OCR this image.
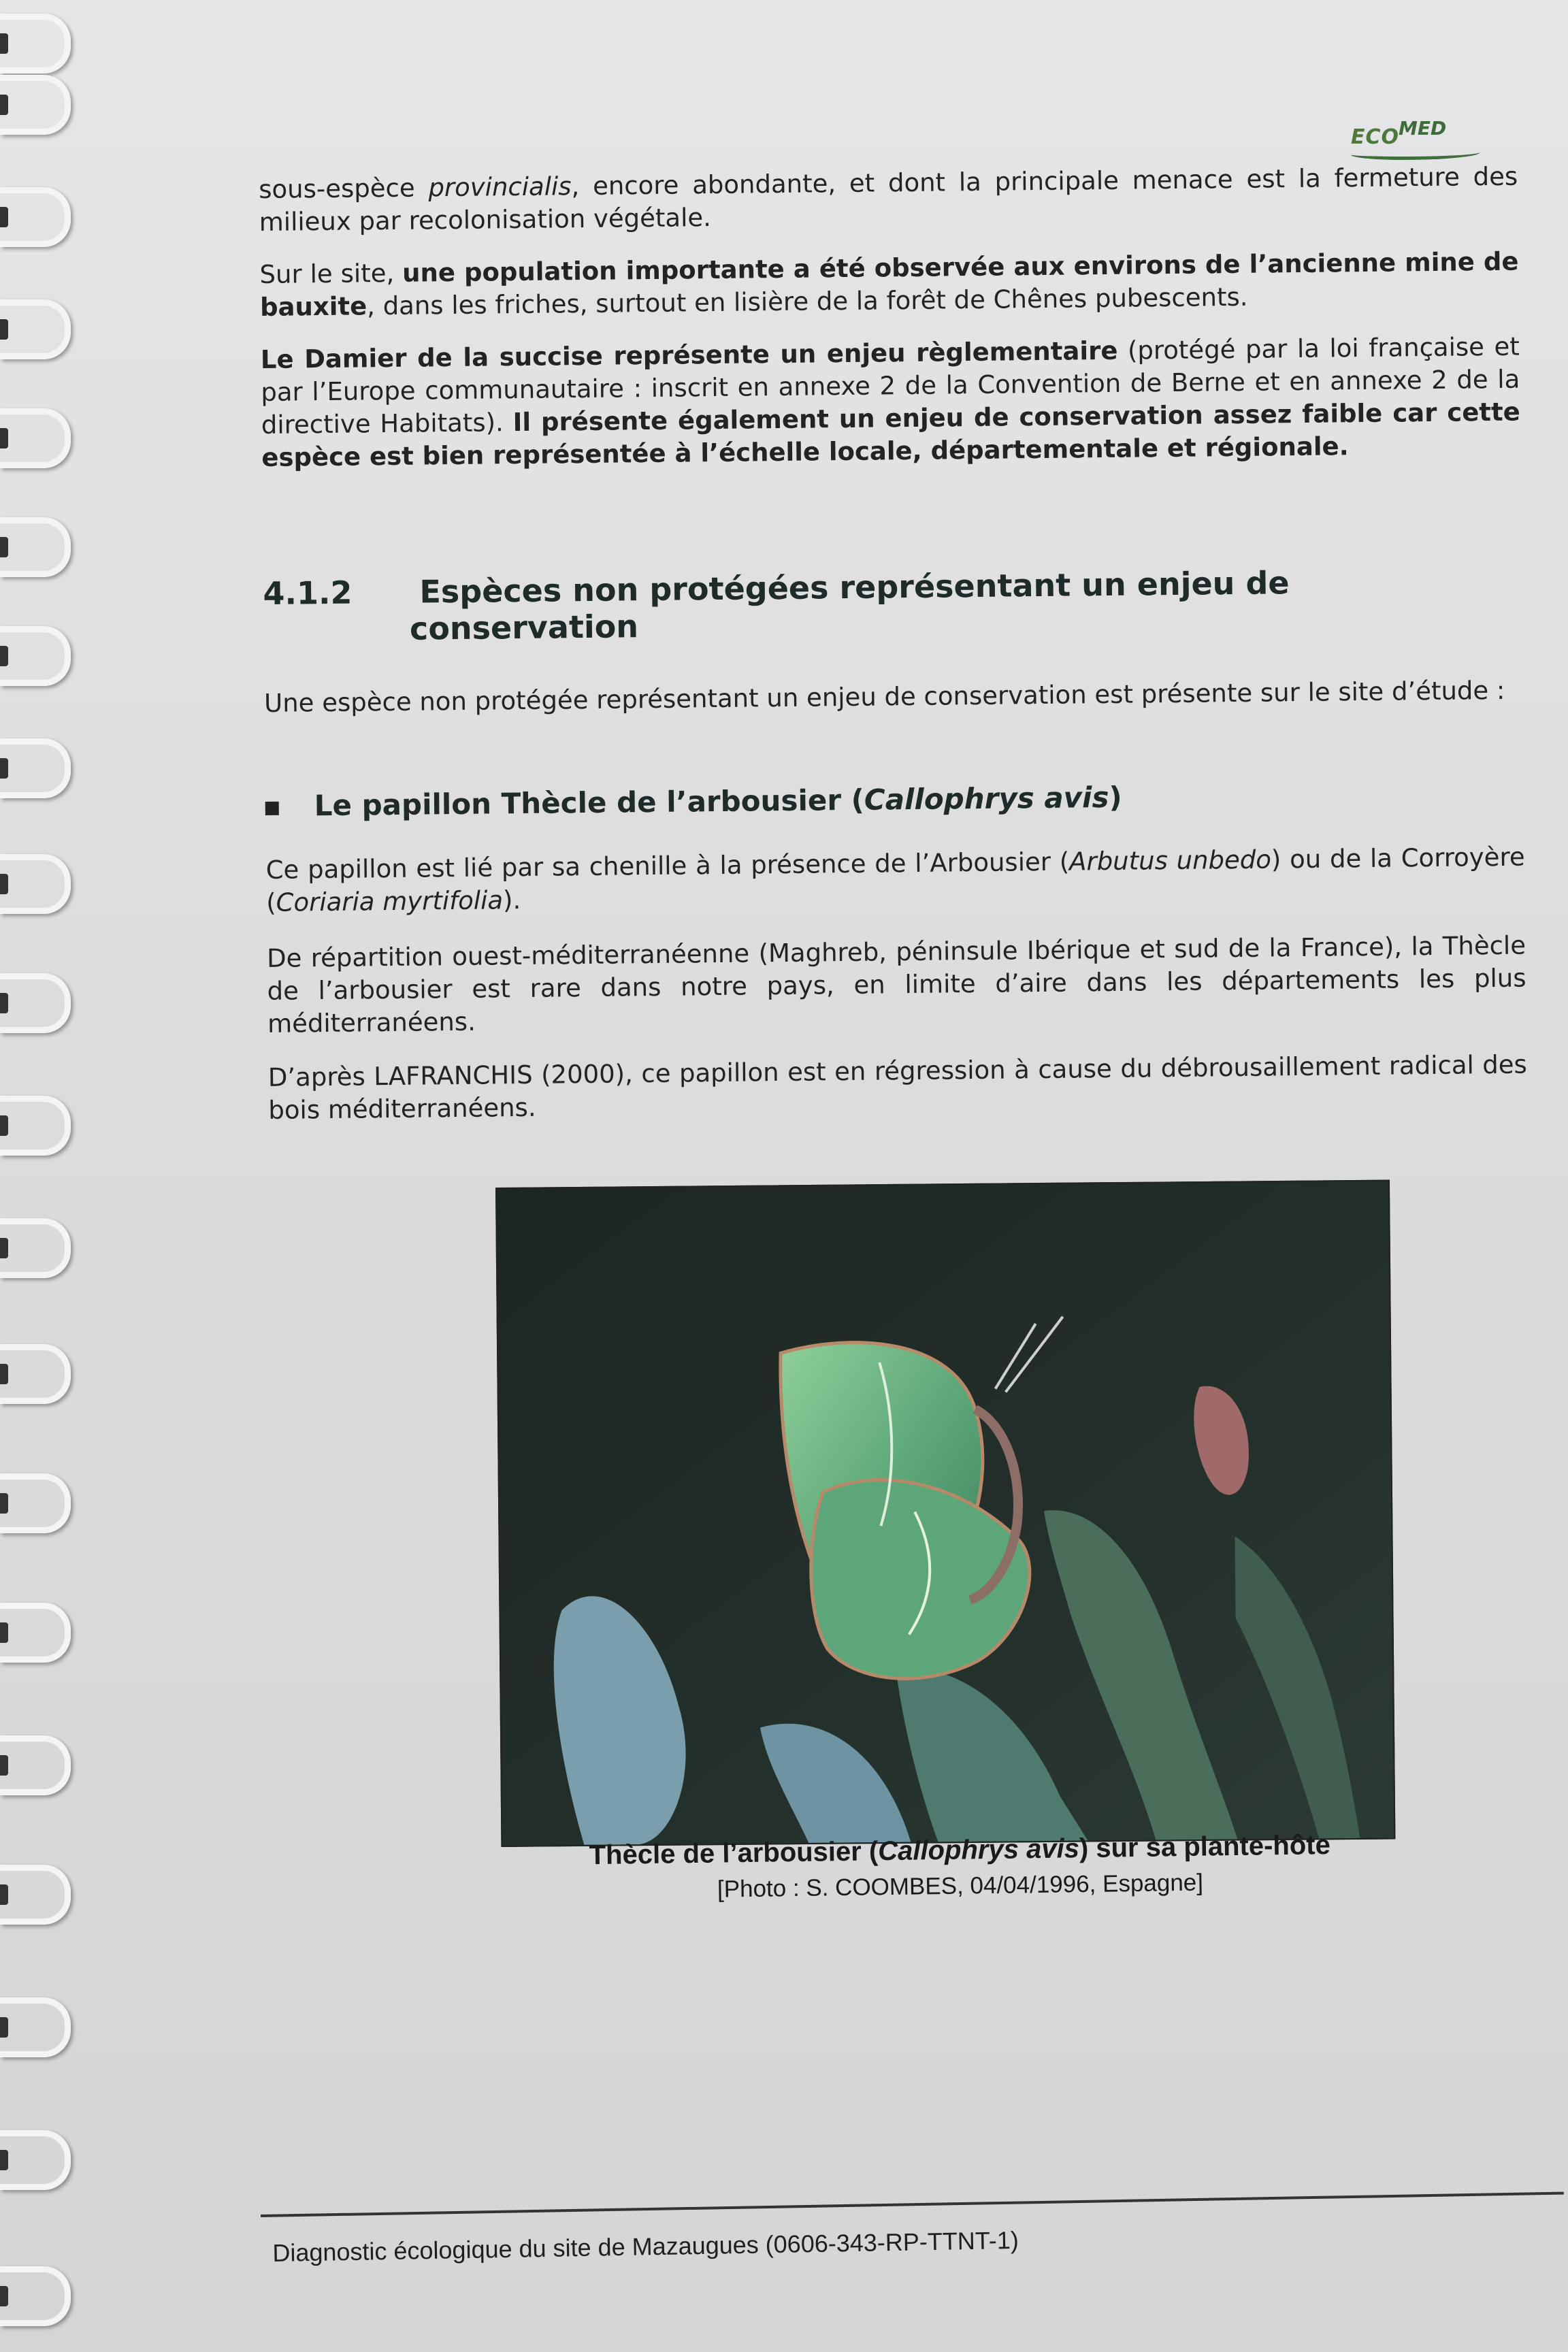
ECO
MED

sous-espèce provincialis, encore abondante, et dont la principale menace est la fermeture des milieux par recolonisation végétale.

Sur le site, une population importante a été observée aux environs de l’ancienne mine de bauxite, dans les friches, surtout en lisière de la forêt de Chênes pubescents.

Le Damier de la succise représente un enjeu règlementaire (protégé par la loi française et par l’Europe communautaire : inscrit en annexe 2 de la Convention de Berne et en annexe 2 de la directive Habitats). Il présente également un enjeu de conservation assez faible car cette espèce est bien représentée à l’échelle locale, départementale et régionale.

4.1.2 Espèces non protégées représentant un enjeu de
conservation

Une espèce non protégée représentant un enjeu de conservation est présente sur le site d’étude :

Le papillon Thècle de l’arbousier (Callophrys avis)

Ce papillon est lié par sa chenille à la présence de l’Arbousier (Arbutus unbedo) ou de la Corroyère (Coriaria myrtifolia).

De répartition ouest-méditerranéenne (Maghreb, péninsule Ibérique et sud de la France), la Thècle de l’arbousier est rare dans notre pays, en limite d’aire dans les départements les plus méditerranéens.

D’après LAFRANCHIS (2000), ce papillon est en régression à cause du débrousaillement radical des bois méditerranéens.

Thècle de l’arbousier (Callophrys avis) sur sa plante-hôte
[Photo : S. COOMBES, 04/04/1996, Espagne]
Diagnostic écologique du site de Mazaugues (0606-343-RP-TTNT-1)
